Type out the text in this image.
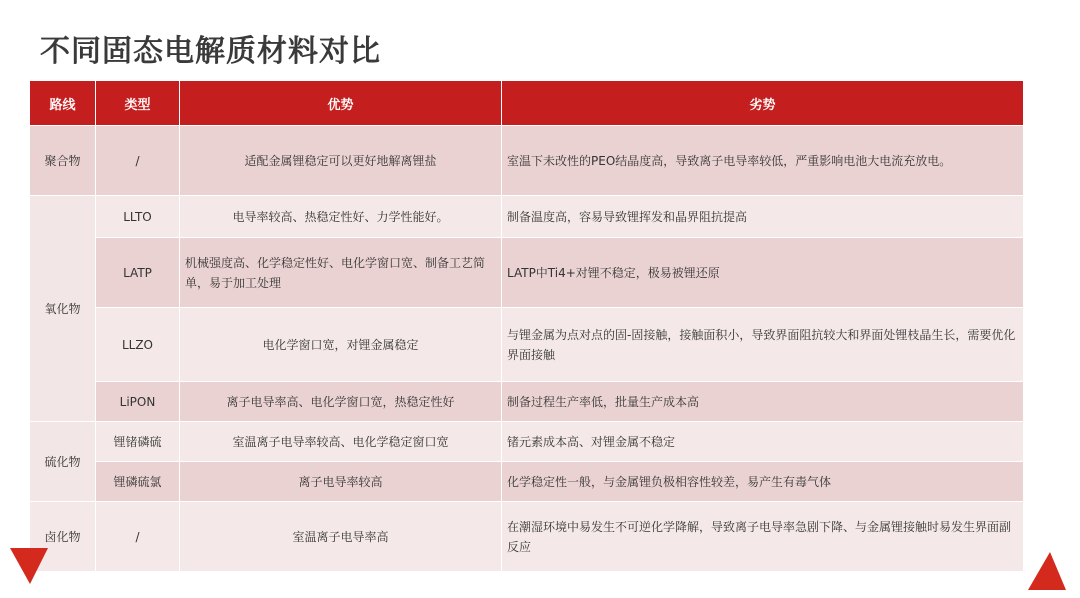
不同固态电解质材料对比
路线	类型	优势	劣势
聚合物	/	适配金属锂稳定可以更好地解离锂盐	室温下未改性的PEO结晶度高，导致离子电导率较低，严重影响电池大电流充放电。
氧化物	LLTO	电导率较高、热稳定性好、力学性能好。	制备温度高，容易导致锂挥发和晶界阻抗提高
	LATP	机械强度高、化学稳定性好、电化学窗口宽、制备工艺简单，易于加工处理	LATP中Ti4+对锂不稳定，极易被锂还原
	LLZO	电化学窗口宽，对锂金属稳定	与锂金属为点对点的固-固接触，接触面积小，导致界面阻抗较大和界面处锂枝晶生长，需要优化界面接触
	LiPON	离子电导率高、电化学窗口宽，热稳定性好	制备过程生产率低，批量生产成本高
硫化物	锂锗磷硫	室温离子电导率较高、电化学稳定窗口宽	锗元素成本高、对锂金属不稳定
	锂磷硫氯	离子电导率较高	化学稳定性一般，与金属锂负极相容性较差，易产生有毒气体
卤化物	/	室温离子电导率高	在潮湿环境中易发生不可逆化学降解，导致离子电导率急剧下降、与金属锂接触时易发生界面副反应
